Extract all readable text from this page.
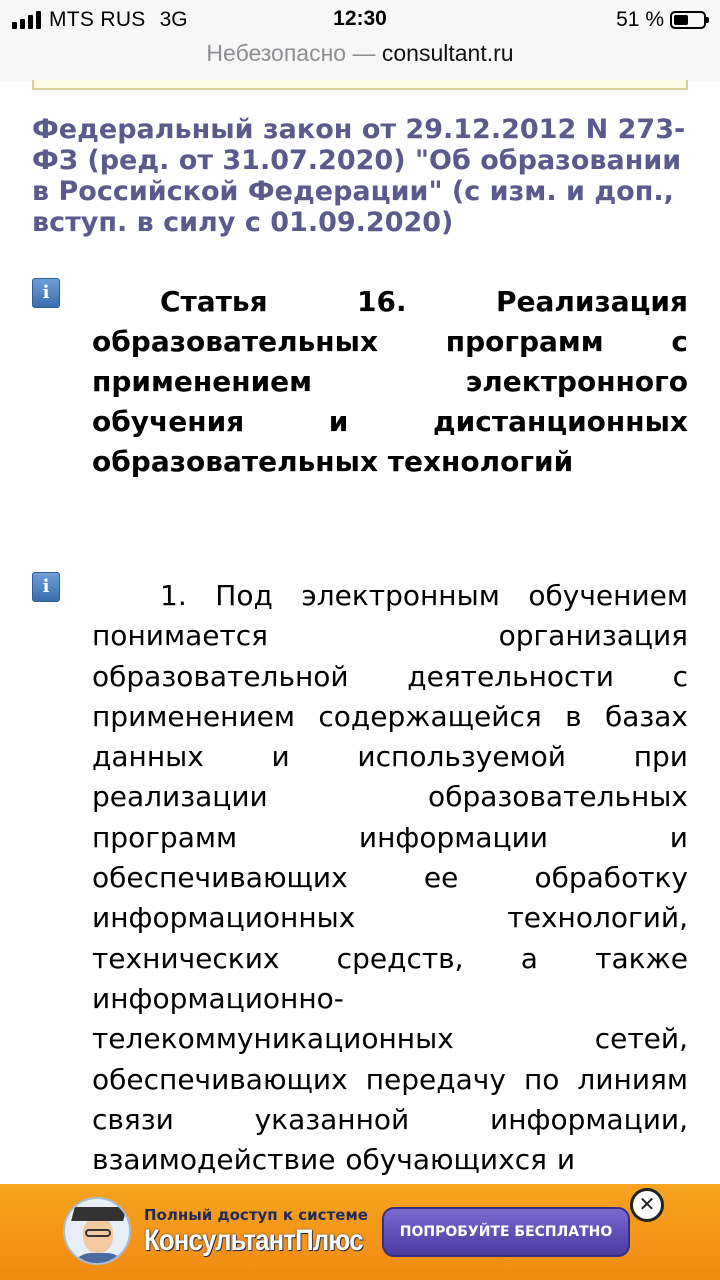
MTS RUS 3G	12:30	51 %
Небезопасно — consultant.ru
Федеральный закон от 29.12.2012 N 273-ФЗ (ред. от 31.07.2020) "Об образовании в Российской Федерации" (с изм. и доп., вступ. в силу с 01.09.2020)
i	Статья 16. Реализация образовательных программ с применением электронного обучения и дистанционных образовательных технологий
i	1. Под электронным обучением понимается организация образовательной деятельности с применением содержащейся в базах данных и используемой при реализации образовательных программ информации и обеспечивающих ее обработку информационных технологий, технических средств, а также информационно-телекоммуникационных сетей, обеспечивающих передачу по линиям связи указанной информации, взаимодействие обучающихся и
Полный доступ к системе
КонсультантПлюс	ПОПРОБУЙТЕ БЕСПЛАТНО
✕
